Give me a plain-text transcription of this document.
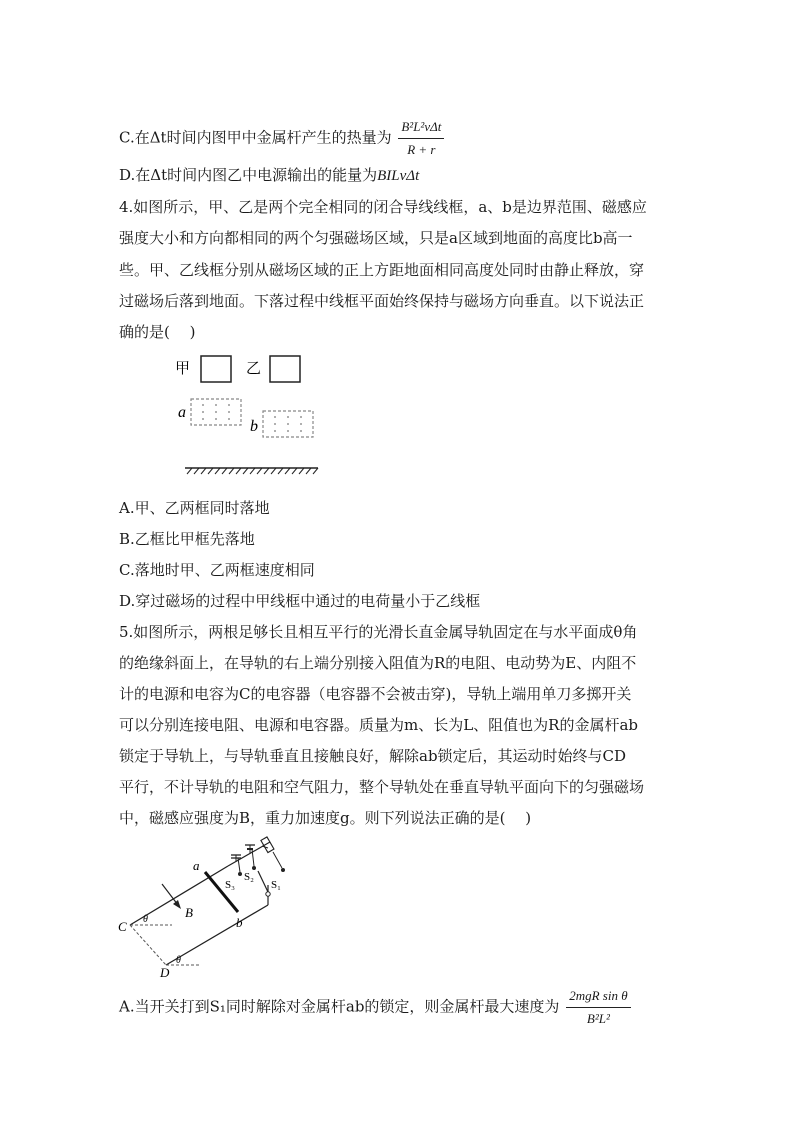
C.在Δt时间内图甲中金属杆产生的热量为 $\frac{\text{B²L²vΔt}}{R + r}$
D.在Δt时间内图乙中电源输出的能量为BILvΔt
4.如图所示，甲、乙是两个完全相同的闭合导线线框，a、b是边界范围、磁感应
强度大小和方向都相同的两个匀强磁场区域，只是a区域到地面的高度比b高一
些。甲、乙线框分别从磁场区域的正上方距地面相同高度处同时由静止释放，穿
过磁场后落到地面。下落过程中线框平面始终保持与磁场方向垂直。以下说法正
确的是(　 )
甲	乙
a
b
a
b
B
C
D
θ
θ
S₃
S₂
S₁
A.甲、乙两框同时落地
B.乙框比甲框先落地
C.落地时甲、乙两框速度相同
D.穿过磁场的过程中甲线框中通过的电荷量小于乙线框
5.如图所示，两根足够长且相互平行的光滑长直金属导轨固定在与水平面成θ角
的绝缘斜面上，在导轨的右上端分别接入阻值为R的电阻、电动势为E、内阻不
计的电源和电容为C的电容器（电容器不会被击穿)，导轨上端用单刀多掷开关
可以分别连接电阻、电源和电容器。质量为m、长为L、阻值也为R的金属杆ab
锁定于导轨上，与导轨垂直且接触良好，解除ab锁定后，其运动时始终与CD
平行，不计导轨的电阻和空气阻力，整个导轨处在垂直导轨平面向下的匀强磁场
中，磁感应强度为B，重力加速度g。则下列说法正确的是(　 )
A.当开关打到S₁同时解除对金属杆ab的锁定，则金属杆最大速度为 $\frac{\text{2mgR sin θ}}{\text{B²L²}}$
